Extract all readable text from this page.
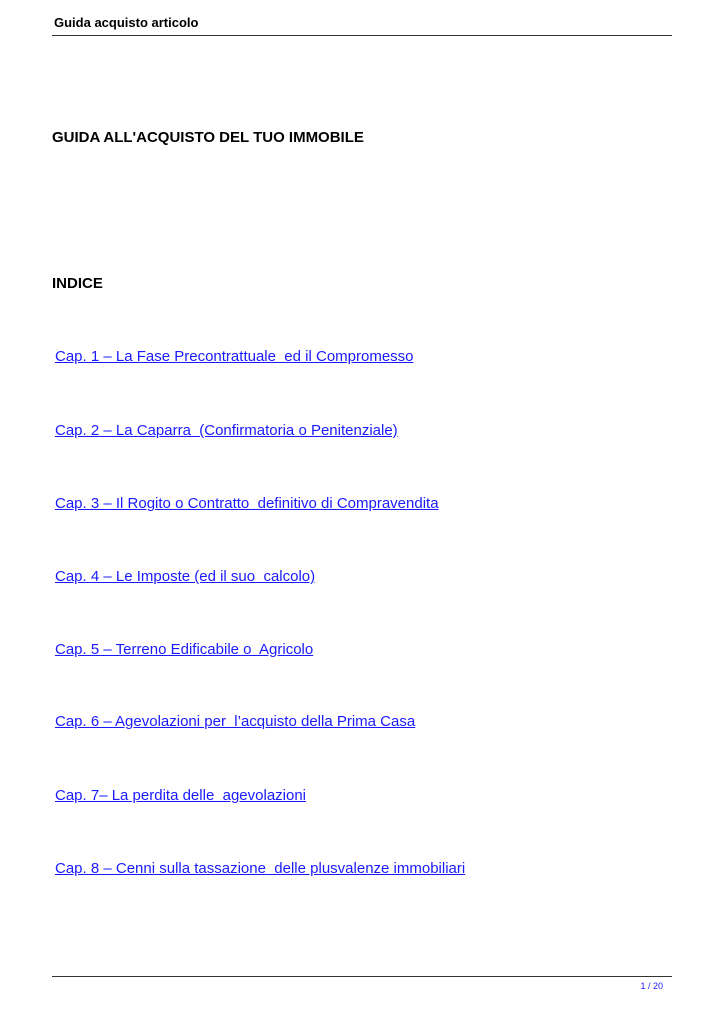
Guida acquisto articolo
GUIDA ALL'ACQUISTO DEL TUO IMMOBILE
INDICE
Cap. 1 – La Fase Precontrattuale  ed il Compromesso
Cap. 2 – La Caparra  (Confirmatoria o Penitenziale)
Cap. 3 – Il Rogito o Contratto  definitivo di Compravendita
Cap. 4 – Le Imposte (ed il suo  calcolo)
Cap. 5 – Terreno Edificabile o  Agricolo
Cap. 6 – Agevolazioni per  l’acquisto della Prima Casa
Cap. 7– La perdita delle  agevolazioni
Cap. 8 – Cenni sulla tassazione  delle plusvalenze immobiliari
1 / 20
